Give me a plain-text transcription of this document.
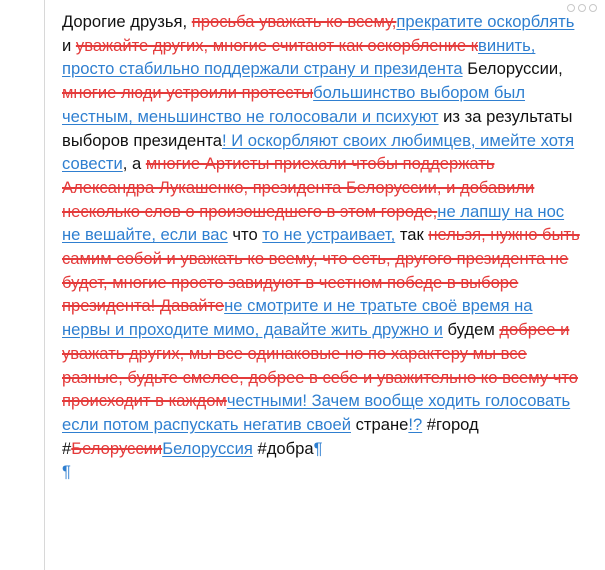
Дорогие друзья, просьба уважать ко всему,прекратите оскорблять и уважайте других, многие считают как оскорбление квинить, просто стабильно поддержали страну и президента Белоруссии, многие люди устроили протестыбольшинство выбором был честным, меньшинство не голосовали и психуют из за результаты выборов президента! И оскорбляют своих любимцев, имейте хотя совести, а многие Артисты приехали чтобы поддержать Александра Лукашенко, президента Белоруссии, и добавили несколько слов о произошедшего в этом городе,не лапшу на нос не вешайте, если вас что то не устраивает, так нельзя, нужно быть самим собой и уважать ко всему, что есть, другого президента не будет, многие просто завидуют в честном победе в выборе президента! Давайтене смотрите и не тратьте своё время на нервы и проходите мимо, давайте жить дружно и будем добрее и уважать других, мы все одинаковые но по характеру мы все разные, будьте смелее, добрее в себе и уважительно ко всему что происходит в каждомчестными! Зачем вообще ходить голосовать если потом распускать негатив своей стране!? #город #БелоруссииБелоруссия #добра¶
¶
